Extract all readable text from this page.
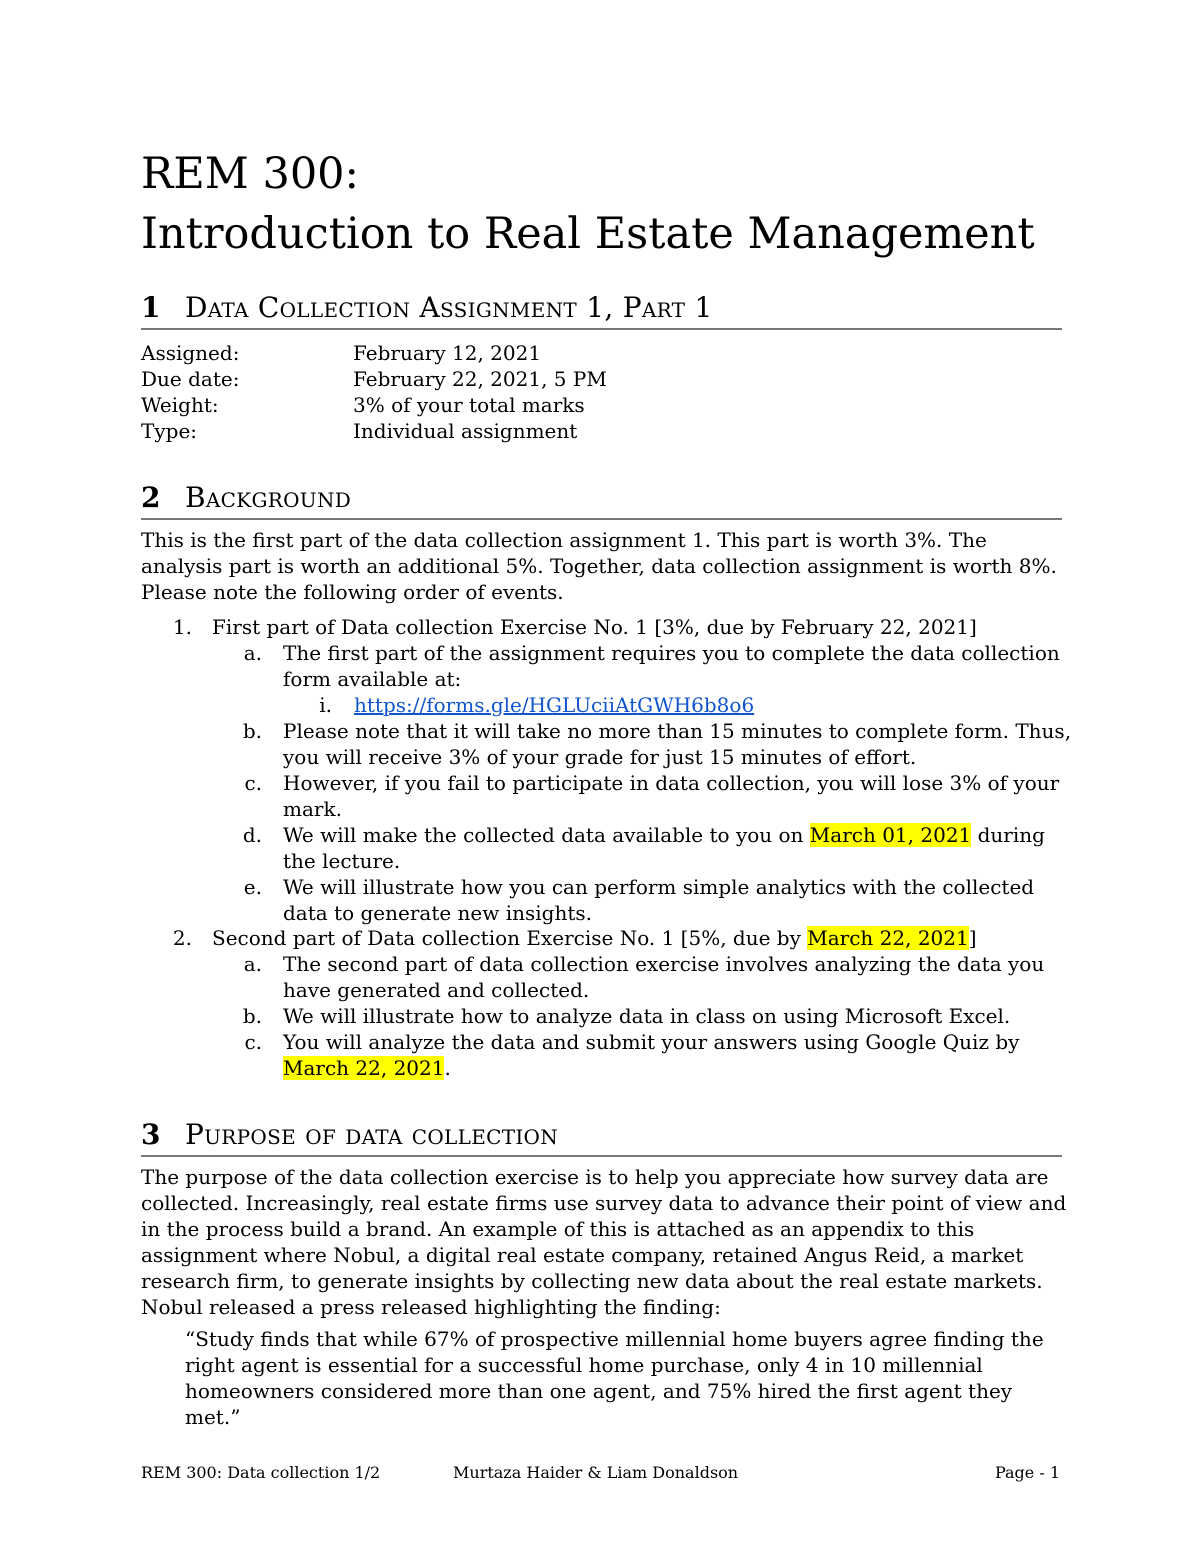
REM 300:
Introduction to Real Estate Management
1 Data Collection Assignment 1, Part 1
Assigned:	February 12, 2021
Due date:	February 22, 2021, 5 PM
Weight:	3% of your total marks
Type:	Individual assignment
2 Background
This is the first part of the data collection assignment 1. This part is worth 3%. The
analysis part is worth an additional 5%. Together, data collection assignment is worth 8%.
Please note the following order of events.
1. First part of Data collection Exercise No. 1 [3%, due by February 22, 2021]
a. The first part of the assignment requires you to complete the data collection
form available at:
i. https://forms.gle/HGLUciiAtGWH6b8o6
b. Please note that it will take no more than 15 minutes to complete form. Thus,
you will receive 3% of your grade for just 15 minutes of effort.
c. However, if you fail to participate in data collection, you will lose 3% of your
mark.
d. We will make the collected data available to you on March 01, 2021 during
the lecture.
e. We will illustrate how you can perform simple analytics with the collected
data to generate new insights.
2. Second part of Data collection Exercise No. 1 [5%, due by March 22, 2021]
a. The second part of data collection exercise involves analyzing the data you
have generated and collected.
b. We will illustrate how to analyze data in class on using Microsoft Excel.
c. You will analyze the data and submit your answers using Google Quiz by
March 22, 2021.
3 Purpose of data collection
The purpose of the data collection exercise is to help you appreciate how survey data are
collected. Increasingly, real estate firms use survey data to advance their point of view and
in the process build a brand. An example of this is attached as an appendix to this
assignment where Nobul, a digital real estate company, retained Angus Reid, a market
research firm, to generate insights by collecting new data about the real estate markets.
Nobul released a press released highlighting the finding:
“Study finds that while 67% of prospective millennial home buyers agree finding the
right agent is essential for a successful home purchase, only 4 in 10 millennial
homeowners considered more than one agent, and 75% hired the first agent they met.”
REM 300: Data collection 1/2	Murtaza Haider & Liam Donaldson	Page - 1
